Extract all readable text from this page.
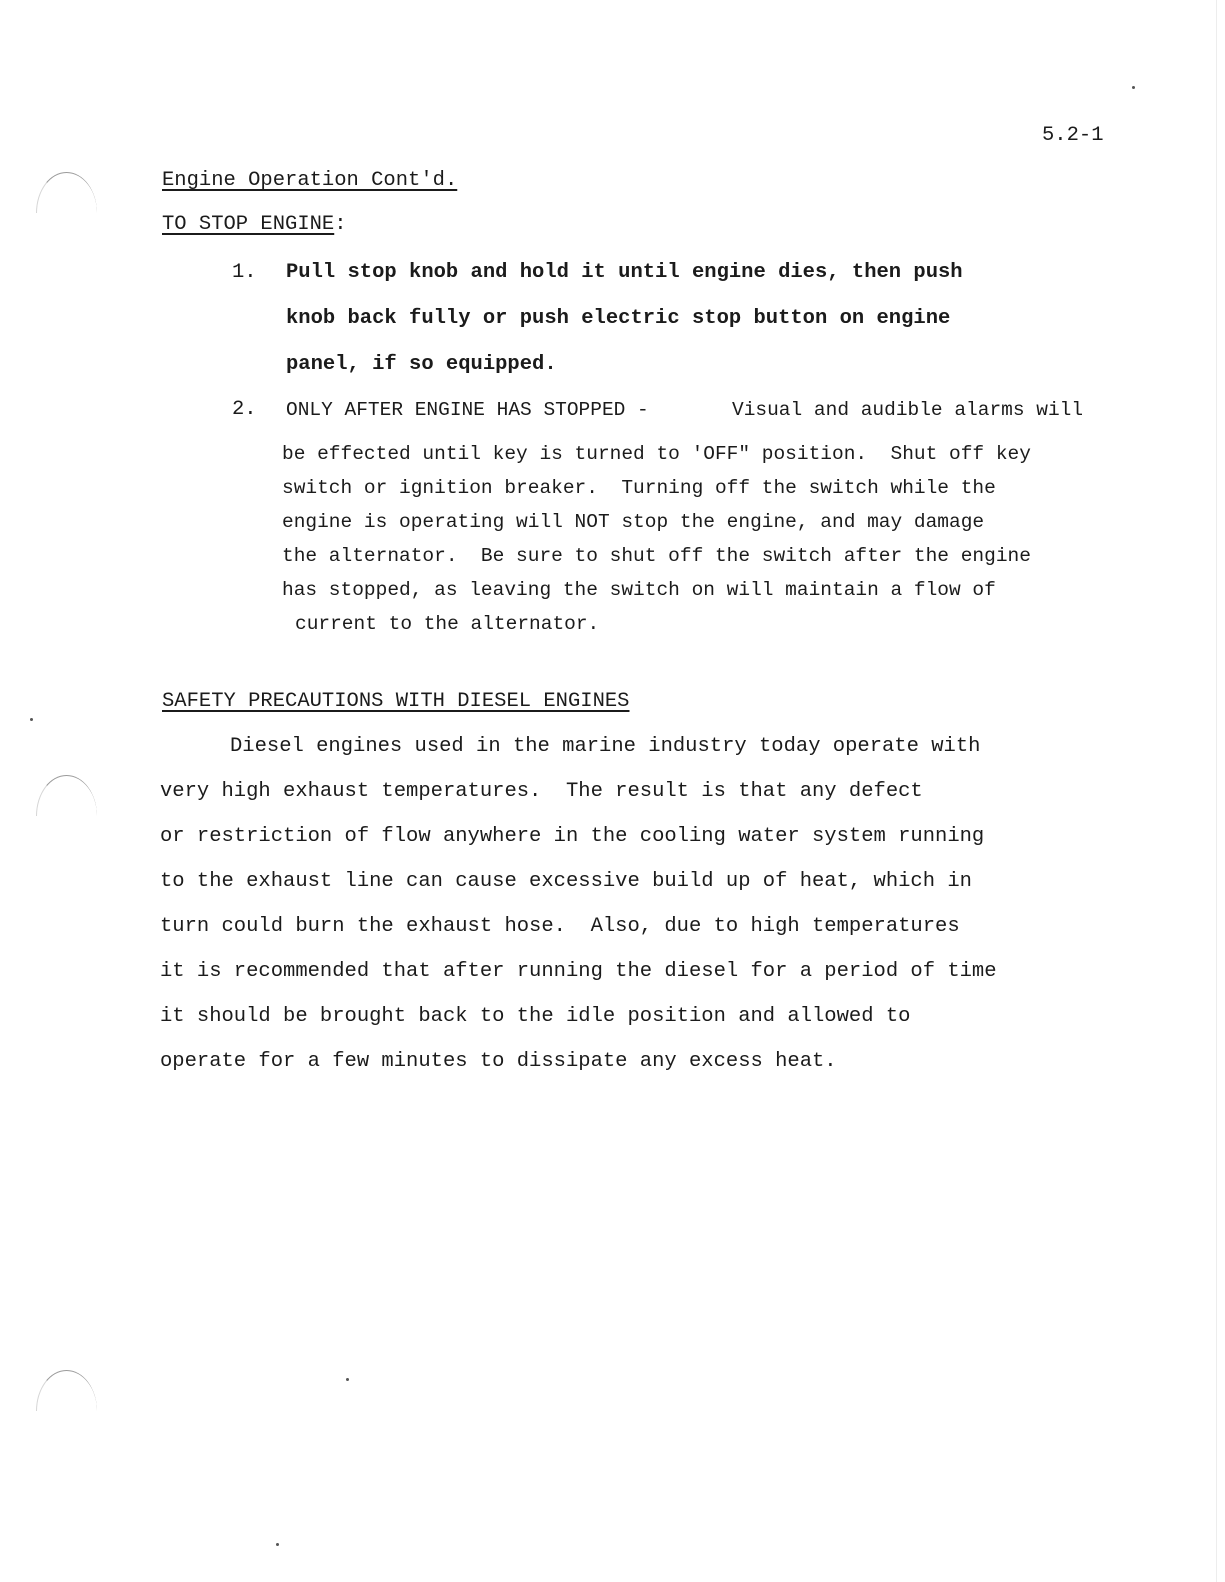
5.2-1
Engine Operation Cont'd.
TO STOP ENGINE:
1. Pull stop knob and hold it until engine dies, then push
knob back fully or push electric stop button on engine
panel, if so equipped.
2. ONLY AFTER ENGINE HAS STOPPED -	Visual and audible alarms will
be effected until key is turned to 'OFF" position.  Shut off key
switch or ignition breaker.  Turning off the switch while the
engine is operating will NOT stop the engine, and may damage
the alternator.  Be sure to shut off the switch after the engine
has stopped, as leaving the switch on will maintain a flow of
current to the alternator.
SAFETY PRECAUTIONS WITH DIESEL ENGINES
Diesel engines used in the marine industry today operate with
very high exhaust temperatures.  The result is that any defect
or restriction of flow anywhere in the cooling water system running
to the exhaust line can cause excessive build up of heat, which in
turn could burn the exhaust hose.  Also, due to high temperatures
it is recommended that after running the diesel for a period of time
it should be brought back to the idle position and allowed to
operate for a few minutes to dissipate any excess heat.
